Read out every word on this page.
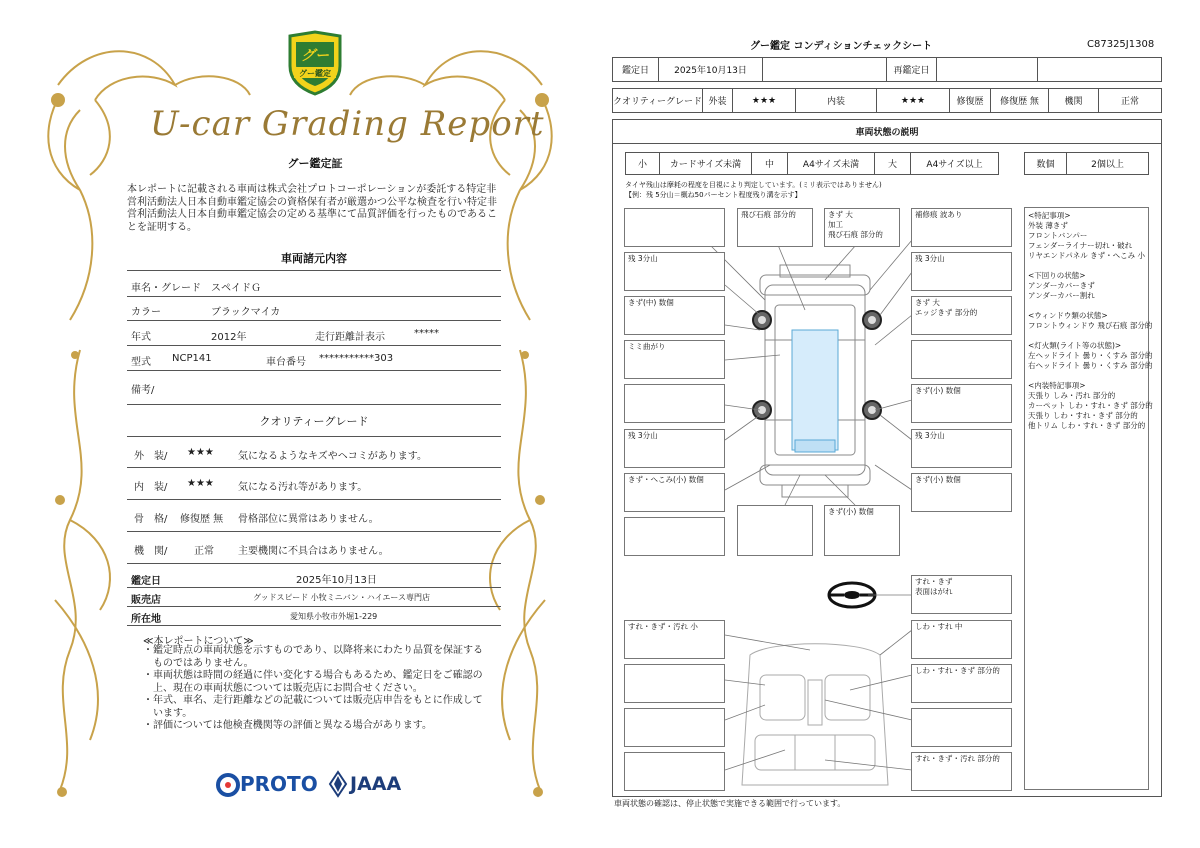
グー
グー鑑定
U-car Grading Report
グー鑑定証
本レポートに記載される車両は株式会社プロトコーポレーションが委託する特定非営利活動法人日本自動車鑑定協会の資格保有者が厳選かつ公平な検査を行い特定非営利活動法人日本自動車鑑定協会の定める基準にて品質評価を行ったものであることを証明する。
車両諸元内容
車名・グレード スペイドＧ
カラー	ブラックマイカ
年式	2012年	走行距離計表示	*****
型式 NCP141	車台番号 ***********303
備考/
クオリティーグレード
外　装/ ★★★ 気になるようなキズやヘコミがあります。
内　装/ ★★★ 気になる汚れ等があります。
骨　格/ 修復歴 無 骨格部位に異常はありません。
機　関/	正常 主要機関に不具合はありません。
鑑定日	2025年10月13日
販売店	グッドスピード 小牧ミニバン・ハイエース専門店
所在地	愛知県小牧市外堀1-229
≪本レポートについて≫
・ 鑑定時点の車両状態を示すものであり、以降将来にわたり品質を保証するものではありません。
・ 車両状態は時間の経過に伴い変化する場合もあるため、鑑定日をご確認の上、現在の車両状態については販売店にお問合せください。
・ 年式、車名、走行距離などの記載については販売店申告をもとに作成しています。
・ 評価については他検査機関等の評価と異なる場合があります。
PROTO JAAA
グー鑑定 コンディションチェックシート	C87325J1308
鑑定日	2025年10月13日	再鑑定日
クオリティーグレード 外装	★★★	内装	★★★	修復歴	修復歴 無	機関	正常
車両状態の説明
小	カードサイズ未満	中	A4サイズ未満	大	A4サイズ以上	数個	2個以上
タイヤ残山は摩耗の程度を目視により判定しています。(ミリ表示ではありません)
【例：残 5分山＝概ね50パーセント程度残り溝を示す】
飛び石痕 部分的	きず 大
加工
飛び石痕 部分的
補修痕 波あり
残 3分山	残 3分山
きず(中) 数個	きず 大
エッジきず 部分的
ミミ曲がり
きず(小) 数個
残 3分山	残 3分山
きず・へこみ(小) 数個	きず(小) 数個
きず(小) 数個
<特記事項>
外装 薄きず
フロントバンパー
フェンダーライナー切れ・破れ
リヤエンドパネル きず・へこみ 小
<下回りの状態>
アンダーカバーきず
アンダーカバー割れ
<ウィンドウ類の状態>
フロントウィンドウ 飛び石痕 部分的
<灯火類(ライト等の状態)>
左ヘッドライト 曇り・くすみ 部分的
右ヘッドライト 曇り・くすみ 部分的
<内装特記事項>
天張り しみ・汚れ 部分的
カーペット しわ・すれ・きず 部分的
天張り しわ・すれ・きず 部分的
他トリム しわ・すれ・きず 部分的
すれ・きず
表面はがれ
すれ・きず・汚れ 小	しわ・すれ 中
しわ・すれ・きず 部分的
すれ・きず・汚れ 部分的
車両状態の確認は、停止状態で実施できる範囲で行っています。
